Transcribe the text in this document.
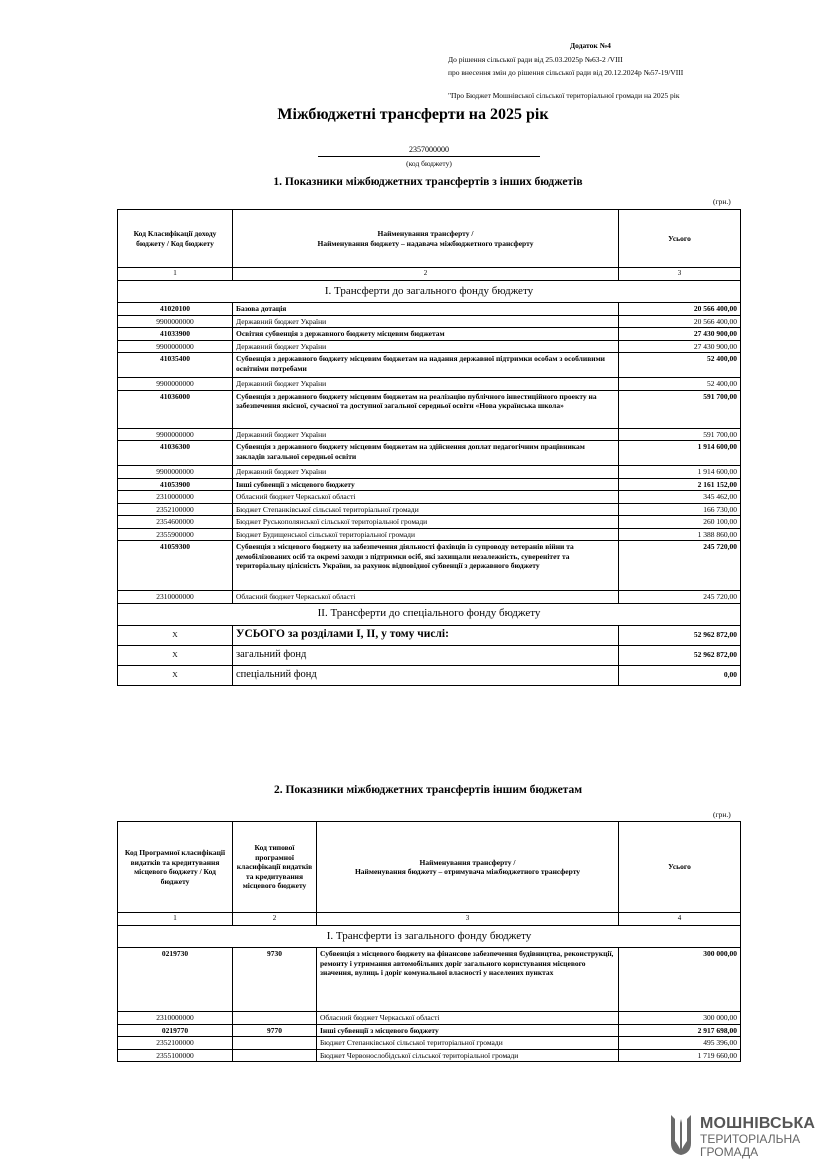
Додаток №4
До рішення сільської ради від 25.03.2025р №63-2 /VIII
про внесення змін до рішення сільської ради від 20.12.2024р №57-19/VIII
"Про Бюджет Мошнівської сільської територіальної громади на 2025 рік
Міжбюджетні трансферти на 2025 рік
2357000000
(код бюджету)
1. Показники міжбюджетних трансфертів з інших бюджетів
(грн.)
Код Класифікації доходу бюджету / Код бюджету	Найменування трансферту /
Найменування бюджету – надавача міжбюджетного трансферту	Усього
1	2	3
І. Трансферти до загального фонду бюджету		
41020100	Базова дотація	20 566 400,00
9900000000	Державний бюджет України	20 566 400,00
41033900	Освітня субвенція з державного бюджету місцевим бюджетам	27 430 900,00
9900000000	Державний бюджет України	27 430 900,00
41035400	Субвенція з державного бюджету місцевим бюджетам на надання державної підтримки особам з особливими освітніми потребами	52 400,00
9900000000	Державний бюджет України	52 400,00
41036000	Субвенція з державного бюджету місцевим бюджетам на реалізацію публічного інвестиційного проекту на забезпечення якісної, сучасної та доступної загальної середньої освіти «Нова українська школа»	591 700,00
9900000000	Державний бюджет України	591 700,00
41036300	Субвенція з державного бюджету місцевим бюджетам на здійснення доплат педагогічним працівникам закладів загальної середньої освіти	1 914 600,00
9900000000	Державний бюджет України	1 914 600,00
41053900	Інші субвенції з місцевого бюджету	2 161 152,00
2310000000	Обласний бюджет Черкаської області	345 462,00
2352100000	Бюджет Степанківської сільської територіальної громади	166 730,00
2354600000	Бюджет Руськополянської сільської територіальної громади	260 100,00
2355900000	Бюджет Будищенської сільської територіальної громади	1 388 860,00
41059300	Субвенція з місцевого бюджету на забезпечення діяльності фахівців із супроводу ветеранів війни та демобілізованих осіб та окремі заходи з підтримки осіб, які захищали незалежність, суверенітет та територіальну цілісність України, за рахунок відповідної субвенції з державного бюджету	245 720,00
2310000000	Обласний бюджет Черкаської області	245 720,00
ІІ. Трансферти до спеціального фонду бюджету		
X	УСЬОГО за розділами І, ІІ, у тому числі:	52 962 872,00
X	загальний фонд	52 962 872,00
X	спеціальний фонд	0,00
2. Показники міжбюджетних трансфертів іншим бюджетам
(грн.)
Код Програмної класифікації видатків та кредитування місцевого бюджету / Код бюджету	Код типової програмної класифікації видатків та кредитування місцевого бюджету	Найменування трансферту /
Найменування бюджету – отримувача міжбюджетного трансферту	Усього
1	2	3	4
І. Трансферти із загального фонду бюджету			
0219730	9730	Субвенція з місцевого бюджету на фінансове забезпечення будівництва, реконструкції, ремонту і утримання автомобільних доріг загального користування місцевого значення, вулиць і доріг комунальної власності у населених пунктах	300 000,00
2310000000		Обласний бюджет Черкаської області	300 000,00
0219770	9770	Інші субвенції з місцевого бюджету	2 917 698,00
2352100000		Бюджет Степанківської сільської територіальної громади	495 396,00
2355100000		Бюджет Червонослобідської сільської територіальної громади	1 719 660,00
МОШНІВСЬКА
ТЕРИТОРІАЛЬНА
ГРОМАДА
